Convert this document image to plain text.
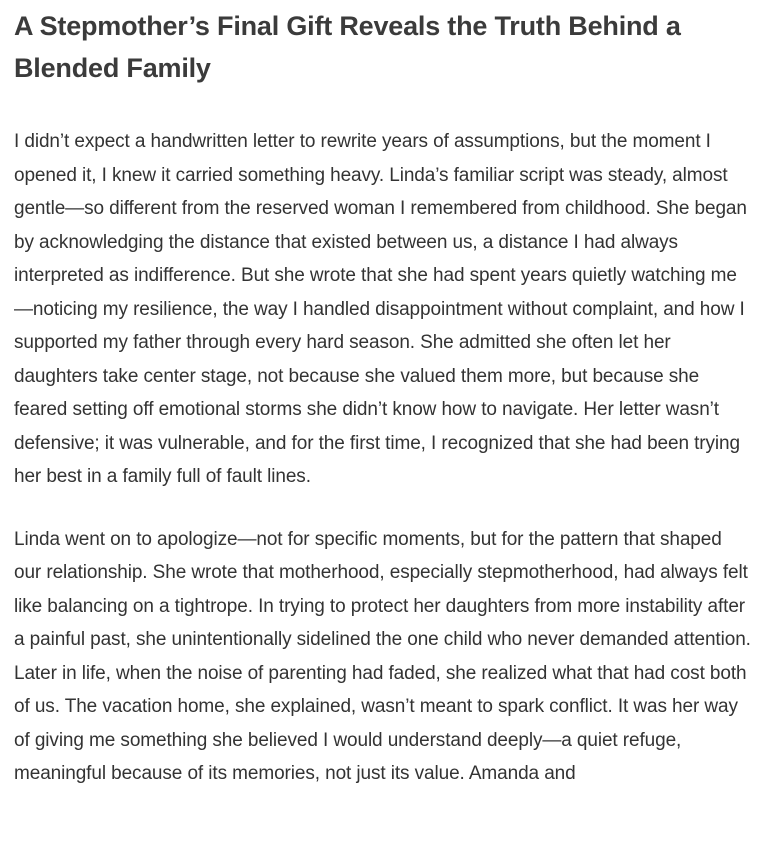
A Stepmother’s Final Gift Reveals the Truth Behind a Blended Family

I didn’t expect a handwritten letter to rewrite years of assumptions, but the moment I opened it, I knew it carried something heavy. Linda’s familiar script was steady, almost gentle—so different from the reserved woman I remembered from childhood. She began by acknowledging the distance that existed between us, a distance I had always interpreted as indifference. But she wrote that she had spent years quietly watching me—noticing my resilience, the way I handled disappointment without complaint, and how I supported my father through every hard season. She admitted she often let her daughters take center stage, not because she valued them more, but because she feared setting off emotional storms she didn’t know how to navigate. Her letter wasn’t defensive; it was vulnerable, and for the first time, I recognized that she had been trying her best in a family full of fault lines.

Linda went on to apologize—not for specific moments, but for the pattern that shaped our relationship. She wrote that motherhood, especially stepmotherhood, had always felt like balancing on a tightrope. In trying to protect her daughters from more instability after a painful past, she unintentionally sidelined the one child who never demanded attention. Later in life, when the noise of parenting had faded, she realized what that had cost both of us. The vacation home, she explained, wasn’t meant to spark conflict. It was her way of giving me something she believed I would understand deeply—a quiet refuge, meaningful because of its memories, not just its value. Amanda and
